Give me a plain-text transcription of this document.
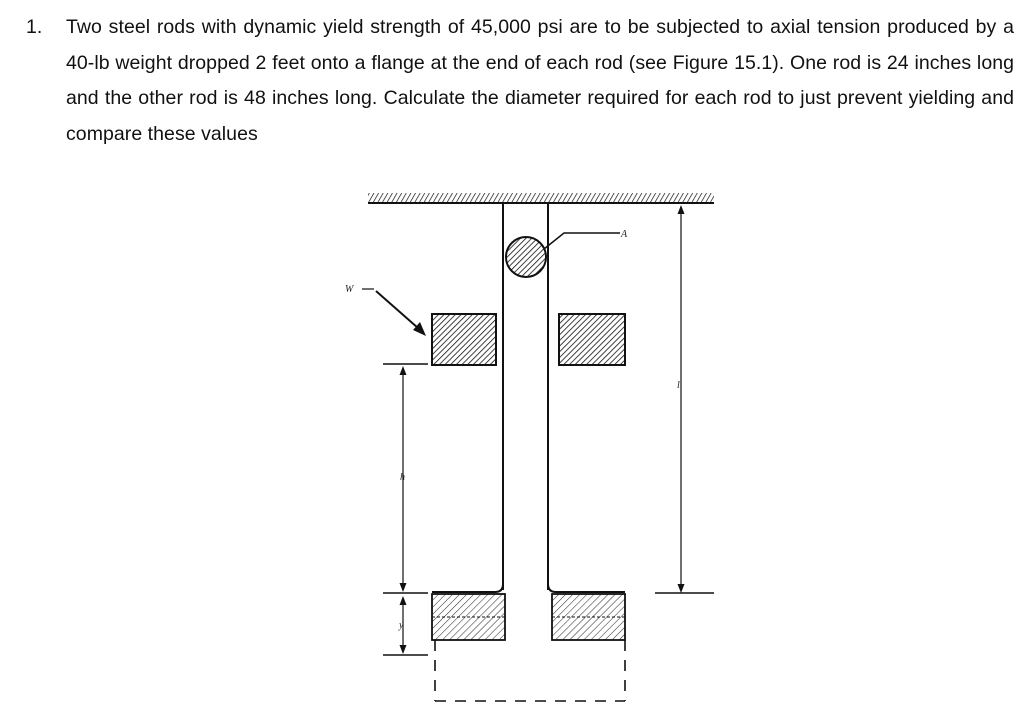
1. Two steel rods with dynamic yield strength of 45,000 psi are to be subjected to axial tension produced by a 40-lb weight dropped 2 feet onto a flange at the end of each rod (see Figure 15.1). One rod is 24 inches long and the other rod is 48 inches long. Calculate the diameter required for each rod to just prevent yielding and compare these values
A
W
h
y
l
